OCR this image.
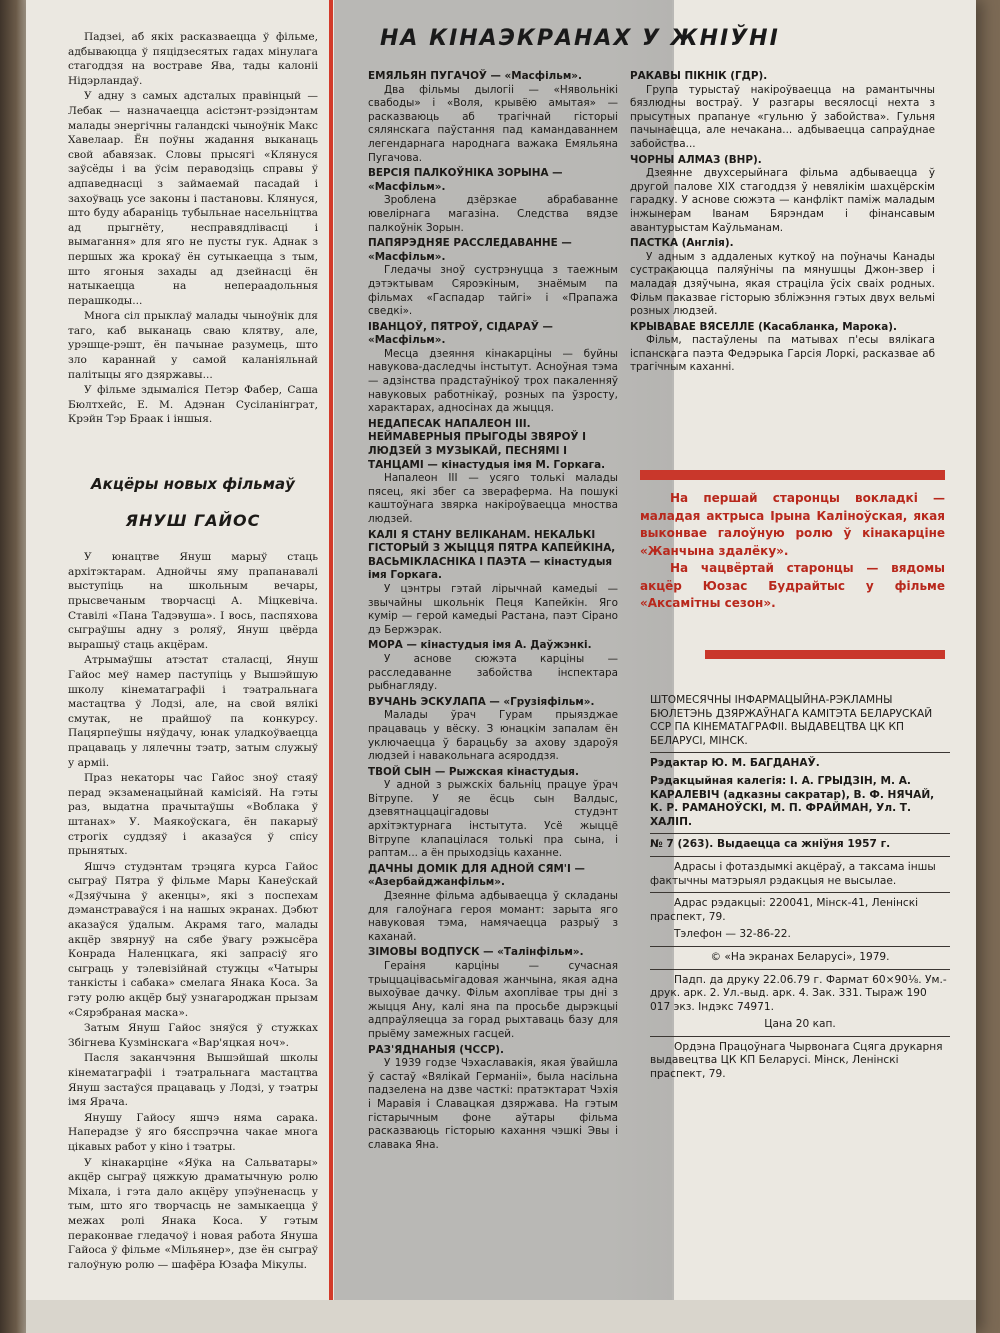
Падзеі, аб якіх расказваецца ў фільме, адбываюцца ў пяцідзесятых гадах мінулага стагоддзя на востраве Ява, тады калоніі Нідэрландаў.

У адну з самых адсталых правінцый — Лебак — назначаецца асістэнт-рэзідэнтам малады энергічны галандскі чыноўнік Макс Хавелаар. Ён поўны жадання выканаць свой абавязак. Словы прысягі «Клянуся заўсёды і ва ўсім пераводзіць справы ў адпаведнасці з займаемай пасадай і захоўваць усе законы і пастановы. Клянуся, што буду абараніць тубыльнае насельніцтва ад прыгнёту, несправядлівасці і вымагання» для яго не пусты гук. Аднак з першых жа крокаў ён сутыкаецца з тым, што ягоныя захады ад дзейнасці ён натыкаецца на непераадольныя перашкоды...

Многа сіл прыклаў малады чыноўнік для таго, каб выканаць сваю клятву, але, урэшце-рэшт, ён пачынае разумець, што зло караннай у самой каланіяльнай палітыцы яго дзяржавы...

У фільме здымаліся Петэр Фабер, Саша Бюлтхейс, Е. М. Адэнан Сусіланінграт, Крэйн Тэр Браак і іншыя.

Акцёры новых фільмаў

ЯНУШ ГАЙОС

У юнацтве Януш марыў стаць архітэктарам. Аднойчы яму прапанавалі выступіць на школьным вечары, прысвечаным творчасці А. Міцкевіча. Ставілі «Пана Тадэвуша». І вось, паспяхова сыграўшы адну з роляў, Януш цвёрда вырашыў стаць акцёрам.

Атрымаўшы атэстат сталасці, Януш Гайос меў намер паступіць у Вышэйшую школу кінематаграфіі і тэатральнага мастацтва ў Лодзі, але, на свой вялікі смутак, не прайшоў па конкурсу. Пацярпеўшы няўдачу, юнак уладкоўваецца працаваць у лялечны тэатр, затым служыў у арміі.

Праз некаторы час Гайос зноў стаяў перад экзаменацыйнай камісіяй. На гэты раз, выдатна прачытаўшы «Воблака ў штанах» У. Маякоўскага, ён пакарыў строгіх суддзяў і аказаўся ў спісу прынятых.

Яшчэ студэнтам трэцяга курса Гайос сыграў Пятра ў фільме Мары Канеўскай «Дзяўчына ў акенцы», які з поспехам дэманстраваўся і на нашых экранах. Дэбют аказаўся ўдалым. Акрамя таго, малады акцёр звярнуў на сябе ўвагу рэжысёра Конрада Наленцкага, які запрасіў яго сыграць у тэлевізійнай стужцы «Чатыры танкісты і сабака» смелага Янака Коса. За гэту ролю акцёр быў узнагароджан прызам «Сярэбраная маска».

Затым Януш Гайос зняўся ў стужках Збігнева Кузмінскага «Вар'яцкая ноч».

Пасля заканчэння Вышэйшай школы кінематаграфіі і тэатральнага мастацтва Януш застаўся працаваць у Лодзі, у тэатры імя Ярача.

Янушу Гайосу яшчэ няма сарака. Наперадзе ў яго бясспрэчна чакае многа цікавых работ у кіно і тэатры.

У кінакарціне «Яўка на Сальватары» акцёр сыграў цяжкую драматычную ролю Міхала, і гэта дало акцёру упэўненасць у тым, што яго творчасць не замыкаецца ў межах ролі Янака Коса. У гэтым пераконвае гледачоў і новая работа Януша Гайоса ў фільме «Мільянер», дзе ён сыграў галоўную ролю — шафёра Юзафа Мікулы.

НА КІНАЭКРАНАХ У ЖНІЎНІ
ЕМЯЛЬЯН ПУГАЧОЎ — «Масфільм».
Два фільмы дылогіі — «Нявольнікі свабоды» і «Воля, крывёю амытая» — расказваюць аб трагічнай гісторыі сялянскага паўстання пад камандаваннем легендарнага народнага важака Емяльяна Пугачова.
ВЕРСІЯ ПАЛКОЎНІКА ЗОРЫНА — «Масфільм».
Зроблена дзёрзкае абрабаванне ювелірнага магазіна. Следства вядзе палкоўнік Зорын.
ПАПЯРЭДНЯЕ РАССЛЕДАВАННЕ — «Масфільм».
Гледачы зноў сустрэнуцца з таежным дэтэктывам Сяроэкіным, знаёмым па фільмах «Гаспадар тайгі» і «Прапажа сведкі».
ІВАНЦОЎ, ПЯТРОЎ, СІДАРАЎ — «Масфільм».
Месца дзеяння кінакарціны — буйны навукова-даследчы інстытут. Асноўная тэма — адзінства прадстаўнікоў трох пакаленняў навуковых работнікаў, розных па ўзросту, характарах, адносінах да жыцця.
НЕДАПЕСАК НАПАЛЕОН III. НЕЙМАВЕРНЫЯ ПРЫГОДЫ ЗВЯРОЎ І ЛЮДЗЕЙ З МУЗЫКАЙ, ПЕСНЯМІ І ТАНЦАМІ — кінастудыя імя М. Горкага.
Напалеон III — усяго толькі малады пясец, які збег са звераферма. На пошукі каштоўнага звярка накіроўваецца мноства людзей.
КАЛІ Я СТАНУ ВЕЛІКАНАМ. НЕКАЛЬКІ ГІСТОРЫЙ З ЖЫЦЦЯ ПЯТРА КАПЕЙКІНА, ВАСЬМІКЛАСНІКА І ПАЭТА — кінастудыя імя Горкага.
У цэнтры гэтай лірычнай камедыі — звычайны школьнік Пеця Капейкін. Яго кумір — герой камедыі Растана, паэт Сірано дэ Бержэрак.
МОРА — кінастудыя імя А. Даўжэнкі.
У аснове сюжэта карціны — расследаванне забойства інспектара рыбнагляду.
ВУЧАНЬ ЭСКУЛАПА — «Грузіяфільм».
Малады ўрач Гурам прыязджае працаваць у вёску. З юнацкім запалам ён уключаецца ў барацьбу за ахову здароўя людзей і навакольнага асяроддзя.
ТВОЙ СЫН — Рыжская кінастудыя.
У адной з рыжскіх бальніц працуе ўрач Вітрупе. У яе ёсць сын Валдыс, дзевятнаццацігадовы студэнт архітэктурнага інстытута. Усё жыццё Вітрупе клапацілася толькі пра сына, і раптам... а ён прыходзіць каханне.
ДАЧНЫ ДОМІК ДЛЯ АДНОЙ СЯМ'І — «Азербайджанфільм».
Дзеянне фільма адбываецца ў складаны для галоўнага героя момант: зарыта яго навуковая тэма, намячаецца разрыў з каханай.
ЗІМОВЫ ВОДПУСК — «Талінфільм».
Гераіня карціны — сучасная трыццацівасьмігадовая жанчына, якая адна выхоўвае дачку. Фільм ахоплівае тры дні з жыцця Ану, калі яна па просьбе дырэкцыі адпраўляецца за горад рыхтаваць базу для прыёму замежных гасцей.
РАЗ'ЯДНАНЫЯ (ЧССР).
У 1939 годзе Чэхаславакія, якая ўвайшла ў састаў «Вялікай Германіі», была насільна падзелена на дзве часткі: пратэктарат Чэхія і Маравія і Славацкая дзяржава. На гэтым гістарычным фоне аўтары фільма расказваюць гісторыю кахання чэшкі Эвы і славака Яна.
РАКАВЫ ПІКНІК (ГДР).
Група турыстаў накіроўваецца на рамантычны бязлюдны востраў. У разгары весялосці нехта з прысутных прапануе «гульню ў забойства». Гульня пачынаецца, але нечакана... адбываецца сапраўднае забойства...
ЧОРНЫ АЛМАЗ (ВНР).
Дзеянне двухсерыйнага фільма адбываецца ў другой палове XIX стагоддзя ў невялікім шахцёрскім гарадку. У аснове сюжэта — канфлікт паміж маладым інжынерам Іванам Бярэндам і фінансавым авантурыстам Каўльманам.
ПАСТКА (Англія).
У адным з аддаленых куткоў на поўначы Канады сустракаюцца паляўнічы па мянушцы Джон-звер і маладая дзяўчына, якая страціла ўсіх сваіх родных. Фільм паказвае гісторыю збліжэння гэтых двух вельмі розных людзей.
КРЫВАВАЕ ВЯСЕЛЛЕ (Касабланка, Марока).
Фільм, пастаўлены па матывах п'есы вялікага іспанскага паэта Федэрыка Гарсія Лоркі, расказвае аб трагічным каханні.

На першай старонцы вокладкі — маладая актрыса Ірына Каліноўская, якая выконвае галоўную ролю ў кінакарціне «Жанчына здалёку».

На чацвёртай старонцы — вядомы акцёр Юозас Будрайтыс у фільме «Аксамітны сезон».

ШТОМЕСЯЧНЫ ІНФАРМАЦЫЙНА-РЭКЛАМНЫ БЮЛЕТЭНЬ ДЗЯРЖАЎНАГА КАМІТЭТА БЕЛАРУСКАЙ ССР ПА КІНЕМАТАГРАФІІ. ВЫДАВЕЦТВА ЦК КП БЕЛАРУСІ, МІНСК.
Рэдактар Ю. М. БАГДАНАЎ.
Рэдакцыйная калегія: І. А. ГРЫДЗІН, М. А. КАРАЛЕВІЧ (адказны сакратар), В. Ф. НЯЧАЙ, К. Р. РАМАНОЎСКІ, М. П. ФРАЙМАН, Ул. Т. ХАЛІП.
№ 7 (263). Выдаецца са жніўня 1957 г.
Адрасы і фотаздымкі акцёраў, а таксама іншы фактычны матэрыял рэдакцыя не высылае.
Адрас рэдакцыі: 220041, Мінск-41, Ленінскі праспект, 79.
Тэлефон — 32-86-22.
© «На экранах Беларусі», 1979.
Падп. да друку 22.06.79 г. Фармат 60×90⅛. Ум.-друк. арк. 2. Ул.-выд. арк. 4. Зак. 331. Тыраж 190 017 экз. Індэкс 74971.
Цана 20 кап.
Ордэна Працоўнага Чырвонага Сцяга друкарня выдавецтва ЦК КП Беларусі. Мінск, Ленінскі праспект, 79.
